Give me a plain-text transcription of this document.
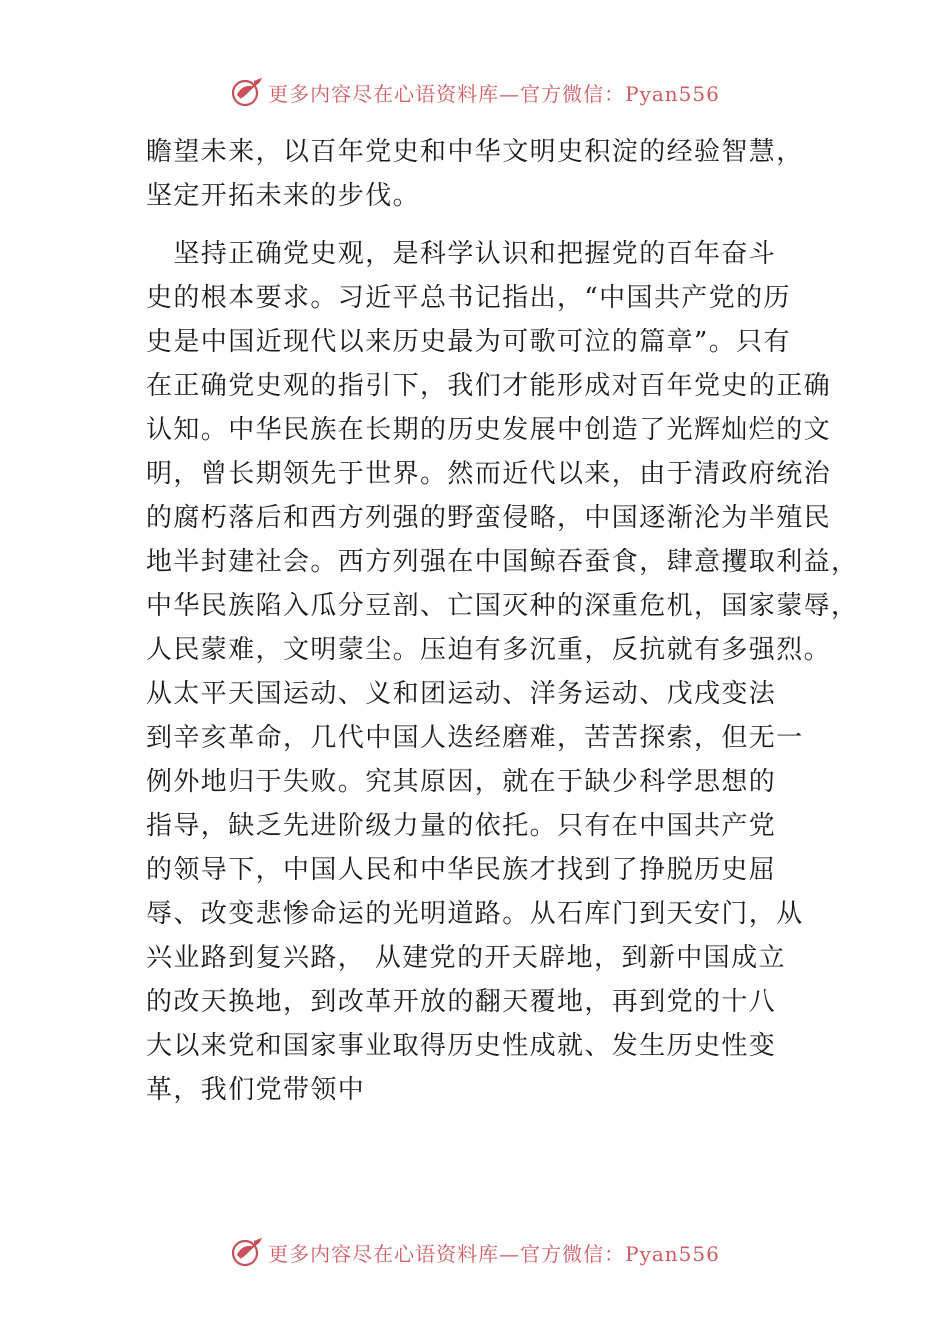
更多内容尽在心语资料库—官方微信：Pyan556
瞻望未来，以百年党史和中华文明史积淀的经验智慧，
坚定开拓未来的步伐。
　坚持正确党史观，是科学认识和把握党的百年奋斗
史的根本要求。习近平总书记指出，“中国共产党的历
史是中国近现代以来历史最为可歌可泣的篇章”。只有
在正确党史观的指引下，我们才能形成对百年党史的正确
认知。中华民族在长期的历史发展中创造了光辉灿烂的文
明，曾长期领先于世界。然而近代以来，由于清政府统治
的腐朽落后和西方列强的野蛮侵略，中国逐渐沦为半殖民
地半封建社会。西方列强在中国鲸吞蚕食，肆意攫取利益，
中华民族陷入瓜分豆剖、亡国灭种的深重危机，国家蒙辱，
人民蒙难，文明蒙尘。压迫有多沉重，反抗就有多强烈。
从太平天国运动、义和团运动、洋务运动、戊戌变法
到辛亥革命，几代中国人迭经磨难，苦苦探索，但无一
例外地归于失败。究其原因，就在于缺少科学思想的
指导，缺乏先进阶级力量的依托。只有在中国共产党
的领导下，中国人民和中华民族才找到了挣脱历史屈
辱、改变悲惨命运的光明道路。从石库门到天安门，从
兴业路到复兴路， 从建党的开天辟地，到新中国成立
的改天换地，到改革开放的翻天覆地，再到党的十八
大以来党和国家事业取得历史性成就、发生历史性变
革，我们党带领中
更多内容尽在心语资料库—官方微信：Pyan556
